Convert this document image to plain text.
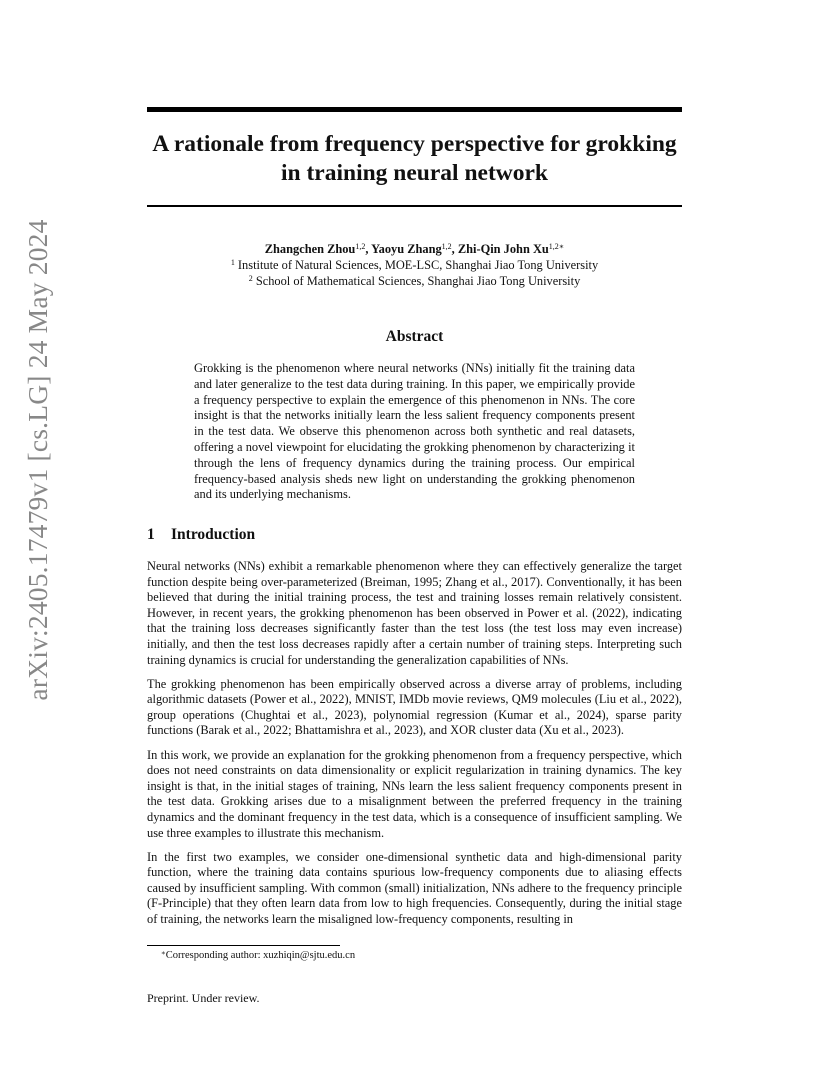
arXiv:2405.17479v1 [cs.LG] 24 May 2024
A rationale from frequency perspective for grokking in training neural network
Zhangchen Zhou$^{1,2}$, Yaoyu Zhang$^{1,2}$, Zhi-Qin John $Xu^{1,2∗}$
$^1$ Institute of Natural Sciences, MOE-LSC, Shanghai Jiao Tong University
$^2$ School of Mathematical Sciences, Shanghai Jiao Tong University
Abstract
Grokking is the phenomenon where neural networks (NNs) initially fit the training data and later generalize to the test data during training. In this paper, we empirically provide a frequency perspective to explain the emergence of this phenomenon in NNs. The core insight is that the networks initially learn the less salient frequency components present in the test data. We observe this phenomenon across both synthetic and real datasets, offering a novel viewpoint for elucidating the grokking phenomenon by characterizing it through the lens of frequency dynamics during the training process. Our empirical frequency-based analysis sheds new light on understanding the grokking phenomenon and its underlying mechanisms.
1 Introduction

Neural networks (NNs) exhibit a remarkable phenomenon where they can effectively generalize the target function despite being over-parameterized (Breiman, 1995; Zhang et al., 2017). Conventionally, it has been believed that during the initial training process, the test and training losses remain relatively consistent. However, in recent years, the grokking phenomenon has been observed in Power et al. (2022), indicating that the training loss decreases significantly faster than the test loss (the test loss may even increase) initially, and then the test loss decreases rapidly after a certain number of training steps. Interpreting such training dynamics is crucial for understanding the generalization capabilities of NNs.

The grokking phenomenon has been empirically observed across a diverse array of problems, including algorithmic datasets (Power et al., 2022), MNIST, IMDb movie reviews, QM9 molecules (Liu et al., 2022), group operations (Chughtai et al., 2023), polynomial regression (Kumar et al., 2024), sparse parity functions (Barak et al., 2022; Bhattamishra et al., 2023), and XOR cluster data (Xu et al., 2023).

In this work, we provide an explanation for the grokking phenomenon from a frequency perspective, which does not need constraints on data dimensionality or explicit regularization in training dynamics. The key insight is that, in the initial stages of training, NNs learn the less salient frequency components present in the test data. Grokking arises due to a misalignment between the preferred frequency in the training dynamics and the dominant frequency in the test data, which is a consequence of insufficient sampling. We use three examples to illustrate this mechanism.

In the first two examples, we consider one-dimensional synthetic data and high-dimensional parity function, where the training data contains spurious low-frequency components due to aliasing effects caused by insufficient sampling. With common (small) initialization, NNs adhere to the frequency principle (F-Principle) that they often learn data from low to high frequencies. Consequently, during the initial stage of training, the networks learn the misaligned low-frequency components, resulting in

∗Corresponding author: xuzhiqin@sjtu.edu.cn
Preprint. Under review.
